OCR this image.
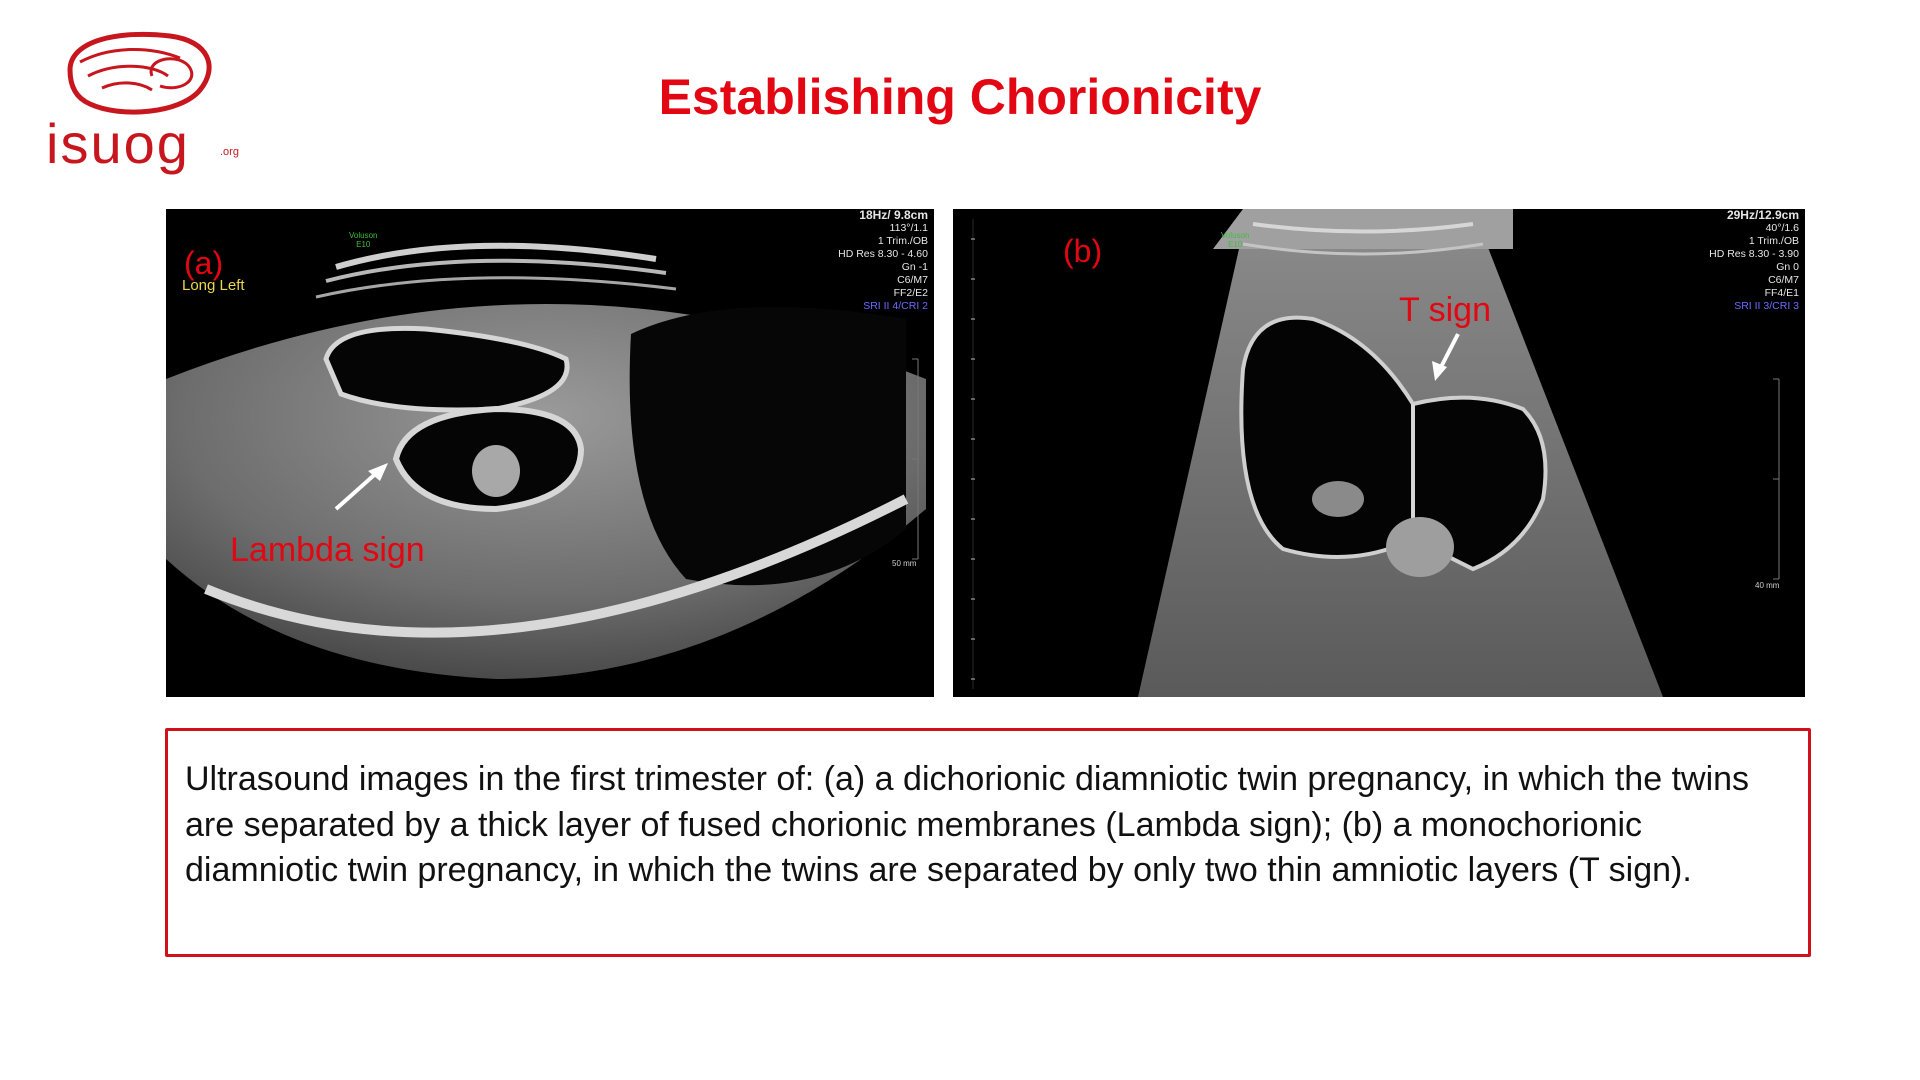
isuog	.org
Establishing Chorionicity
(a)
Long Left
Voluson
E10
18Hz/ 9.8cm
113°/1.1
1 Trim./OB
HD Res 8.30 - 4.60
Gn -1
C6/M7
FF2/E2
SRI II 4/CRI 2
50 mm
Lambda sign
(b)	Voluson
E10
29Hz/12.9cm
40°/1.6
1 Trim./OB
HD Res 8.30 - 3.90
Gn 0
C6/M7
FF4/E1
SRI II 3/CRI 3
40 mm
T sign

Ultrasound images in the first trimester of: (a) a dichorionic diamniotic twin pregnancy, in which the twins are separated by a thick layer of fused chorionic membranes (Lambda sign); (b) a monochorionic diamniotic twin pregnancy, in which the twins are separated by only two thin amniotic layers (T sign).
